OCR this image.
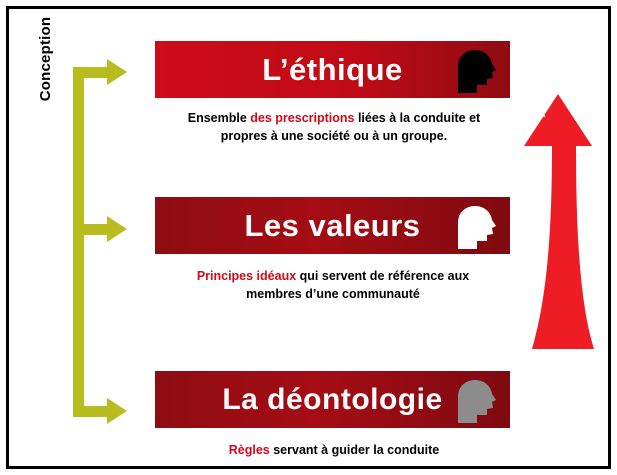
Conception	L’éthique
Ensemble des prescriptions liées à la conduite et propres à une société ou à un groupe.
Les valeurs
Principes idéaux qui servent de référence aux membres d’une communauté
La déontologie
Règles servant à guider la conduite
Apprentissage
